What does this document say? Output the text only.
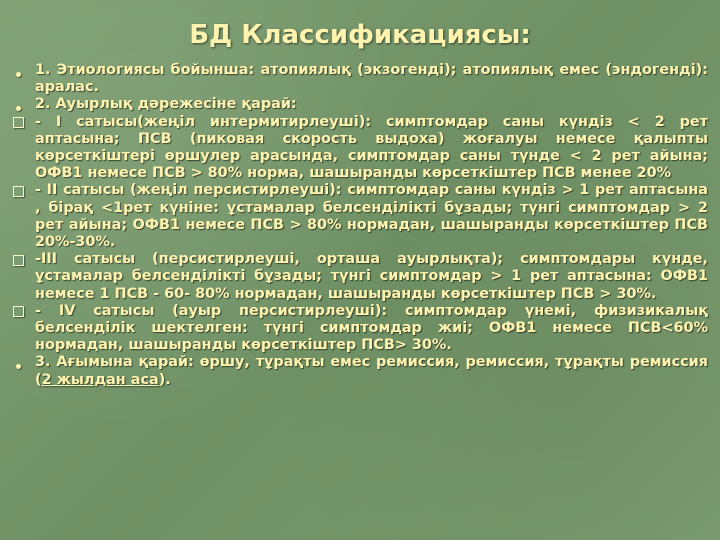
БД Классификациясы:
1. Этиологиясы бойынша: атопиялық (экзогенді); атопиялық емес (эндогенді): аралас.
2. Ауырлық дәрежесіне қарай:
- I сатысы(жеңіл интермитирлеуші): симптомдар саны күндіз < 2 рет аптасына; ПСВ (пиковая скорость выдоха) жоғалуы немесе қалыпты көрсеткіштері өршулер арасында, симптомдар саны түнде < 2 рет айына; ОФВ1 немесе ПСВ > 80% норма, шашыранды көрсеткіштер ПСВ менее 20%
- II сатысы (жеңіл персистирлеуші): симптомдар саны күндіз > 1 рет аптасына , бірақ <1рет күніне: ұстамалар белсенділікті бұзады; түнгі симптомдар > 2 рет айына; ОФВ1 немесе ПСВ > 80% нормадан, шашыранды көрсеткіштер ПСВ 20%-30%.
-III сатысы (персистирлеуші, орташа ауырлықта); симптомдары күнде, ұстамалар белсенділікті бұзады; түнгі симптомдар > 1 рет аптасына: ОФВ1 немесе 1 ПСВ - 60- 80% нормадан, шашыранды көрсеткіштер ПСВ > 30%.
- IV сатысы (ауыр персистирлеуші): симптомдар үнемі, физизикалық белсенділік шектелген: түнгі симптомдар жиі; ОФВ1 немесе ПСВ<60% нормадан, шашыранды көрсеткіштер ПСВ> 30%.
3. Ағымына қарай: өршу, тұрақты емес ремиссия, ремиссия, тұрақты ремиссия (2 жылдан аса).
